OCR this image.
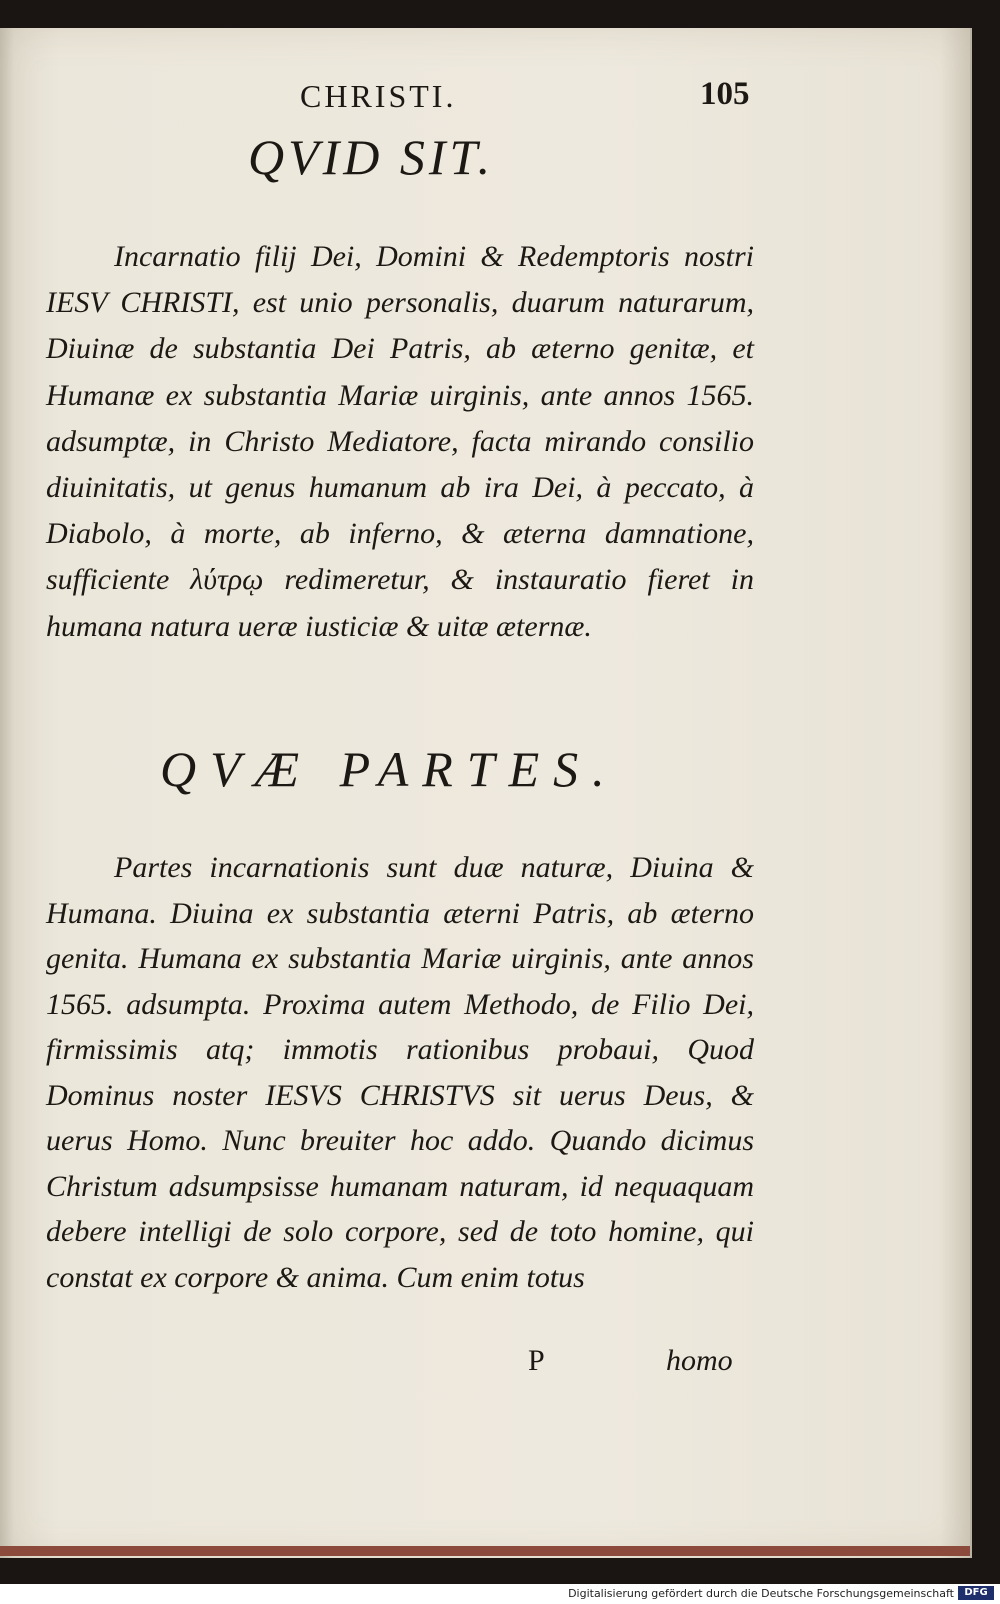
CHRISTI.	105
QVID SIT.

Incarnatio filij Dei, Domini & Redemptoris nostri IESV CHRISTI, est unio personalis, duarum naturarum, Diuinæ de substantia Dei Patris, ab æterno genitæ, et Humanæ ex substantia Mariæ uirginis, ante annos 1565. adsumptæ, in Christo Mediatore, facta mirando consilio diuinitatis, ut genus humanum ab ira Dei, à peccato, à Diabolo, à morte, ab inferno, & æterna damnatione, sufficiente λύτρῳ redimeretur, & instauratio fieret in humana natura ueræ iusticiæ & uitæ æternæ.

QVÆ PARTES.

Partes incarnationis sunt duæ naturæ, Diuina & Humana. Diuina ex substantia æterni Patris, ab æterno genita. Humana ex substantia Mariæ uirginis, ante annos 1565. adsumpta. Proxima autem Methodo, de Filio Dei, firmissimis atq; immotis rationibus probaui, Quod Dominus noster IESVS CHRISTVS sit uerus Deus, & uerus Homo. Nunc breuiter hoc addo. Quando dicimus Christum adsumpsisse humanam naturam, id nequaquam debere intelligi de solo corpore, sed de toto homine, qui constat ex corpore & anima. Cum enim totus

P	homo
Digitalisierung gefördert durch die Deutsche Forschungsgemeinschaft	DFG
